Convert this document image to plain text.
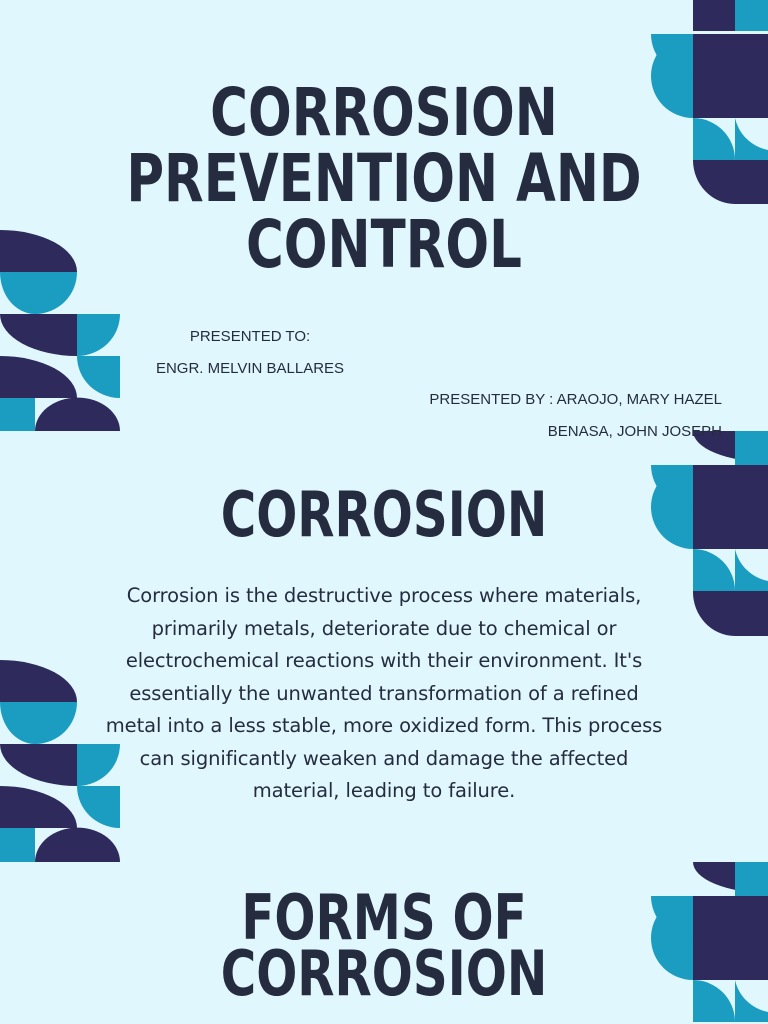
CORROSION
PREVENTION AND
CONTROL

PRESENTED TO:

ENGR. MELVIN BALLARES

PRESENTED BY : ARAOJO, MARY HAZEL

BENASA, JOHN JOSEPH

CORROSION

Corrosion is the destructive process where materials, primarily metals, deteriorate due to chemical or electrochemical reactions with their environment. It's essentially the unwanted transformation of a refined metal into a less stable, more oxidized form. This process can significantly weaken and damage the affected material, leading to failure.

FORMS OF
CORROSION
